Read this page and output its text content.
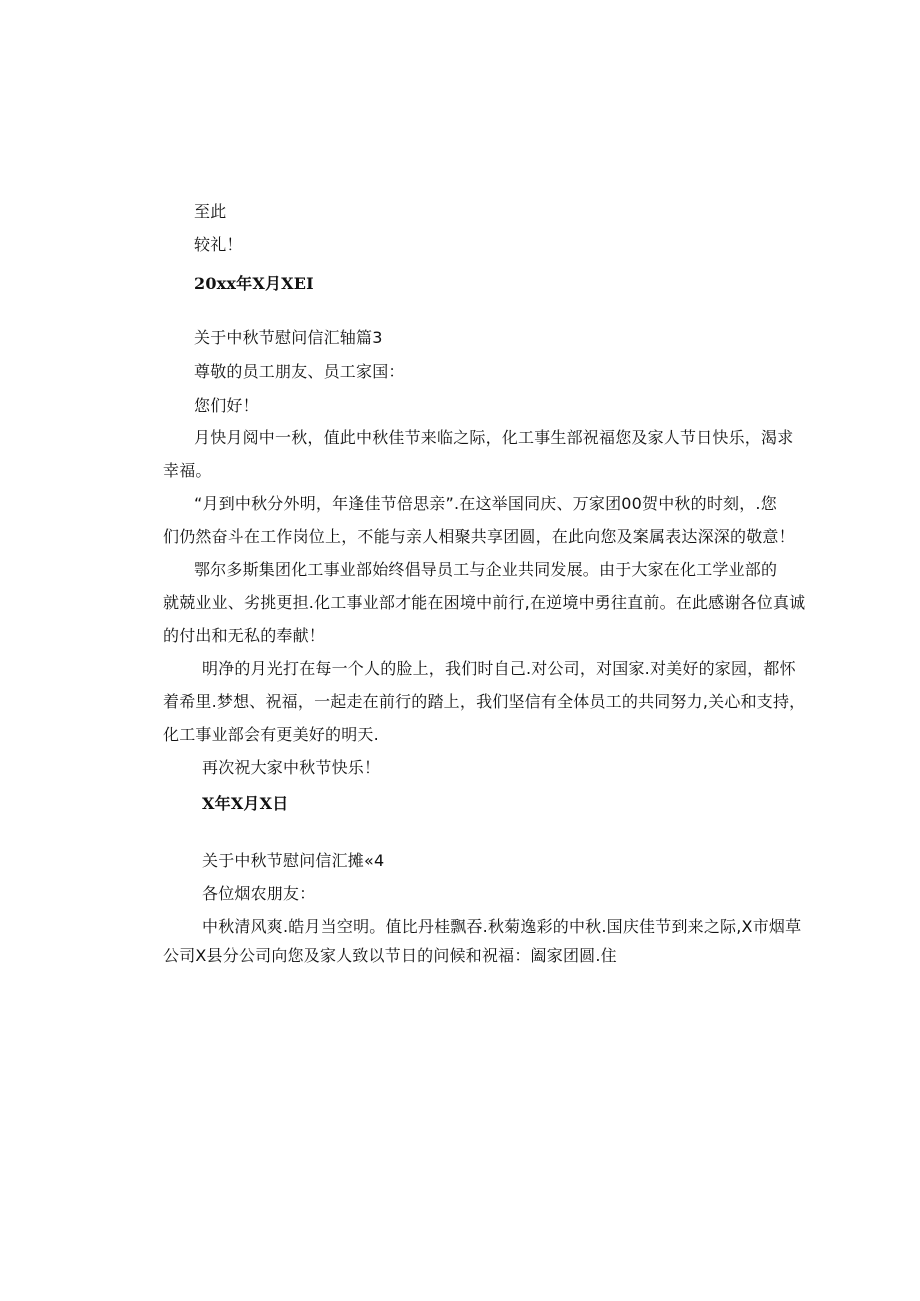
至此
较礼！
20xx年X月XEI
关于中秋节慰问信汇轴篇3
尊敬的员工朋友、员工家国：
您们好！
月快月阅中一秋，值此中秋佳节来临之际，化工事生部祝福您及家人节日快乐，渴求
幸福。
“月到中秋分外明，年逢佳节倍思亲”.在这举国同庆、万家团00贺中秋的时刻，.您
们仍然奋斗在工作岗位上，不能与亲人相聚共享团圆，在此向您及案属表达深深的敬意！
鄂尔多斯集团化工事业部始终倡导员工与企业共同发展。由于大家在化工学业部的
就兢业业、劣挑更担.化工事业部才能在困境中前行,在逆境中勇往直前。在此感谢各位真诚
的付出和无私的奉献！
明净的月光打在每一个人的脸上，我们时自己.对公司，对国家.对美好的家园，都怀
着希里.梦想、祝福，一起走在前行的踏上，我们坚信有全体员工的共同努力,关心和支持，
化工事业部会有更美好的明天.
再次祝大家中秋节快乐！
X年X月X日
关于中秋节慰问信汇摊«4
各位烟农朋友：
中秋清风爽.皓月当空明。值比丹桂飘吞.秋菊逸彩的中秋.国庆佳节到来之际,X市烟草
公司X县分公司向您及家人致以节日的问候和祝福：阖家团圆.住
